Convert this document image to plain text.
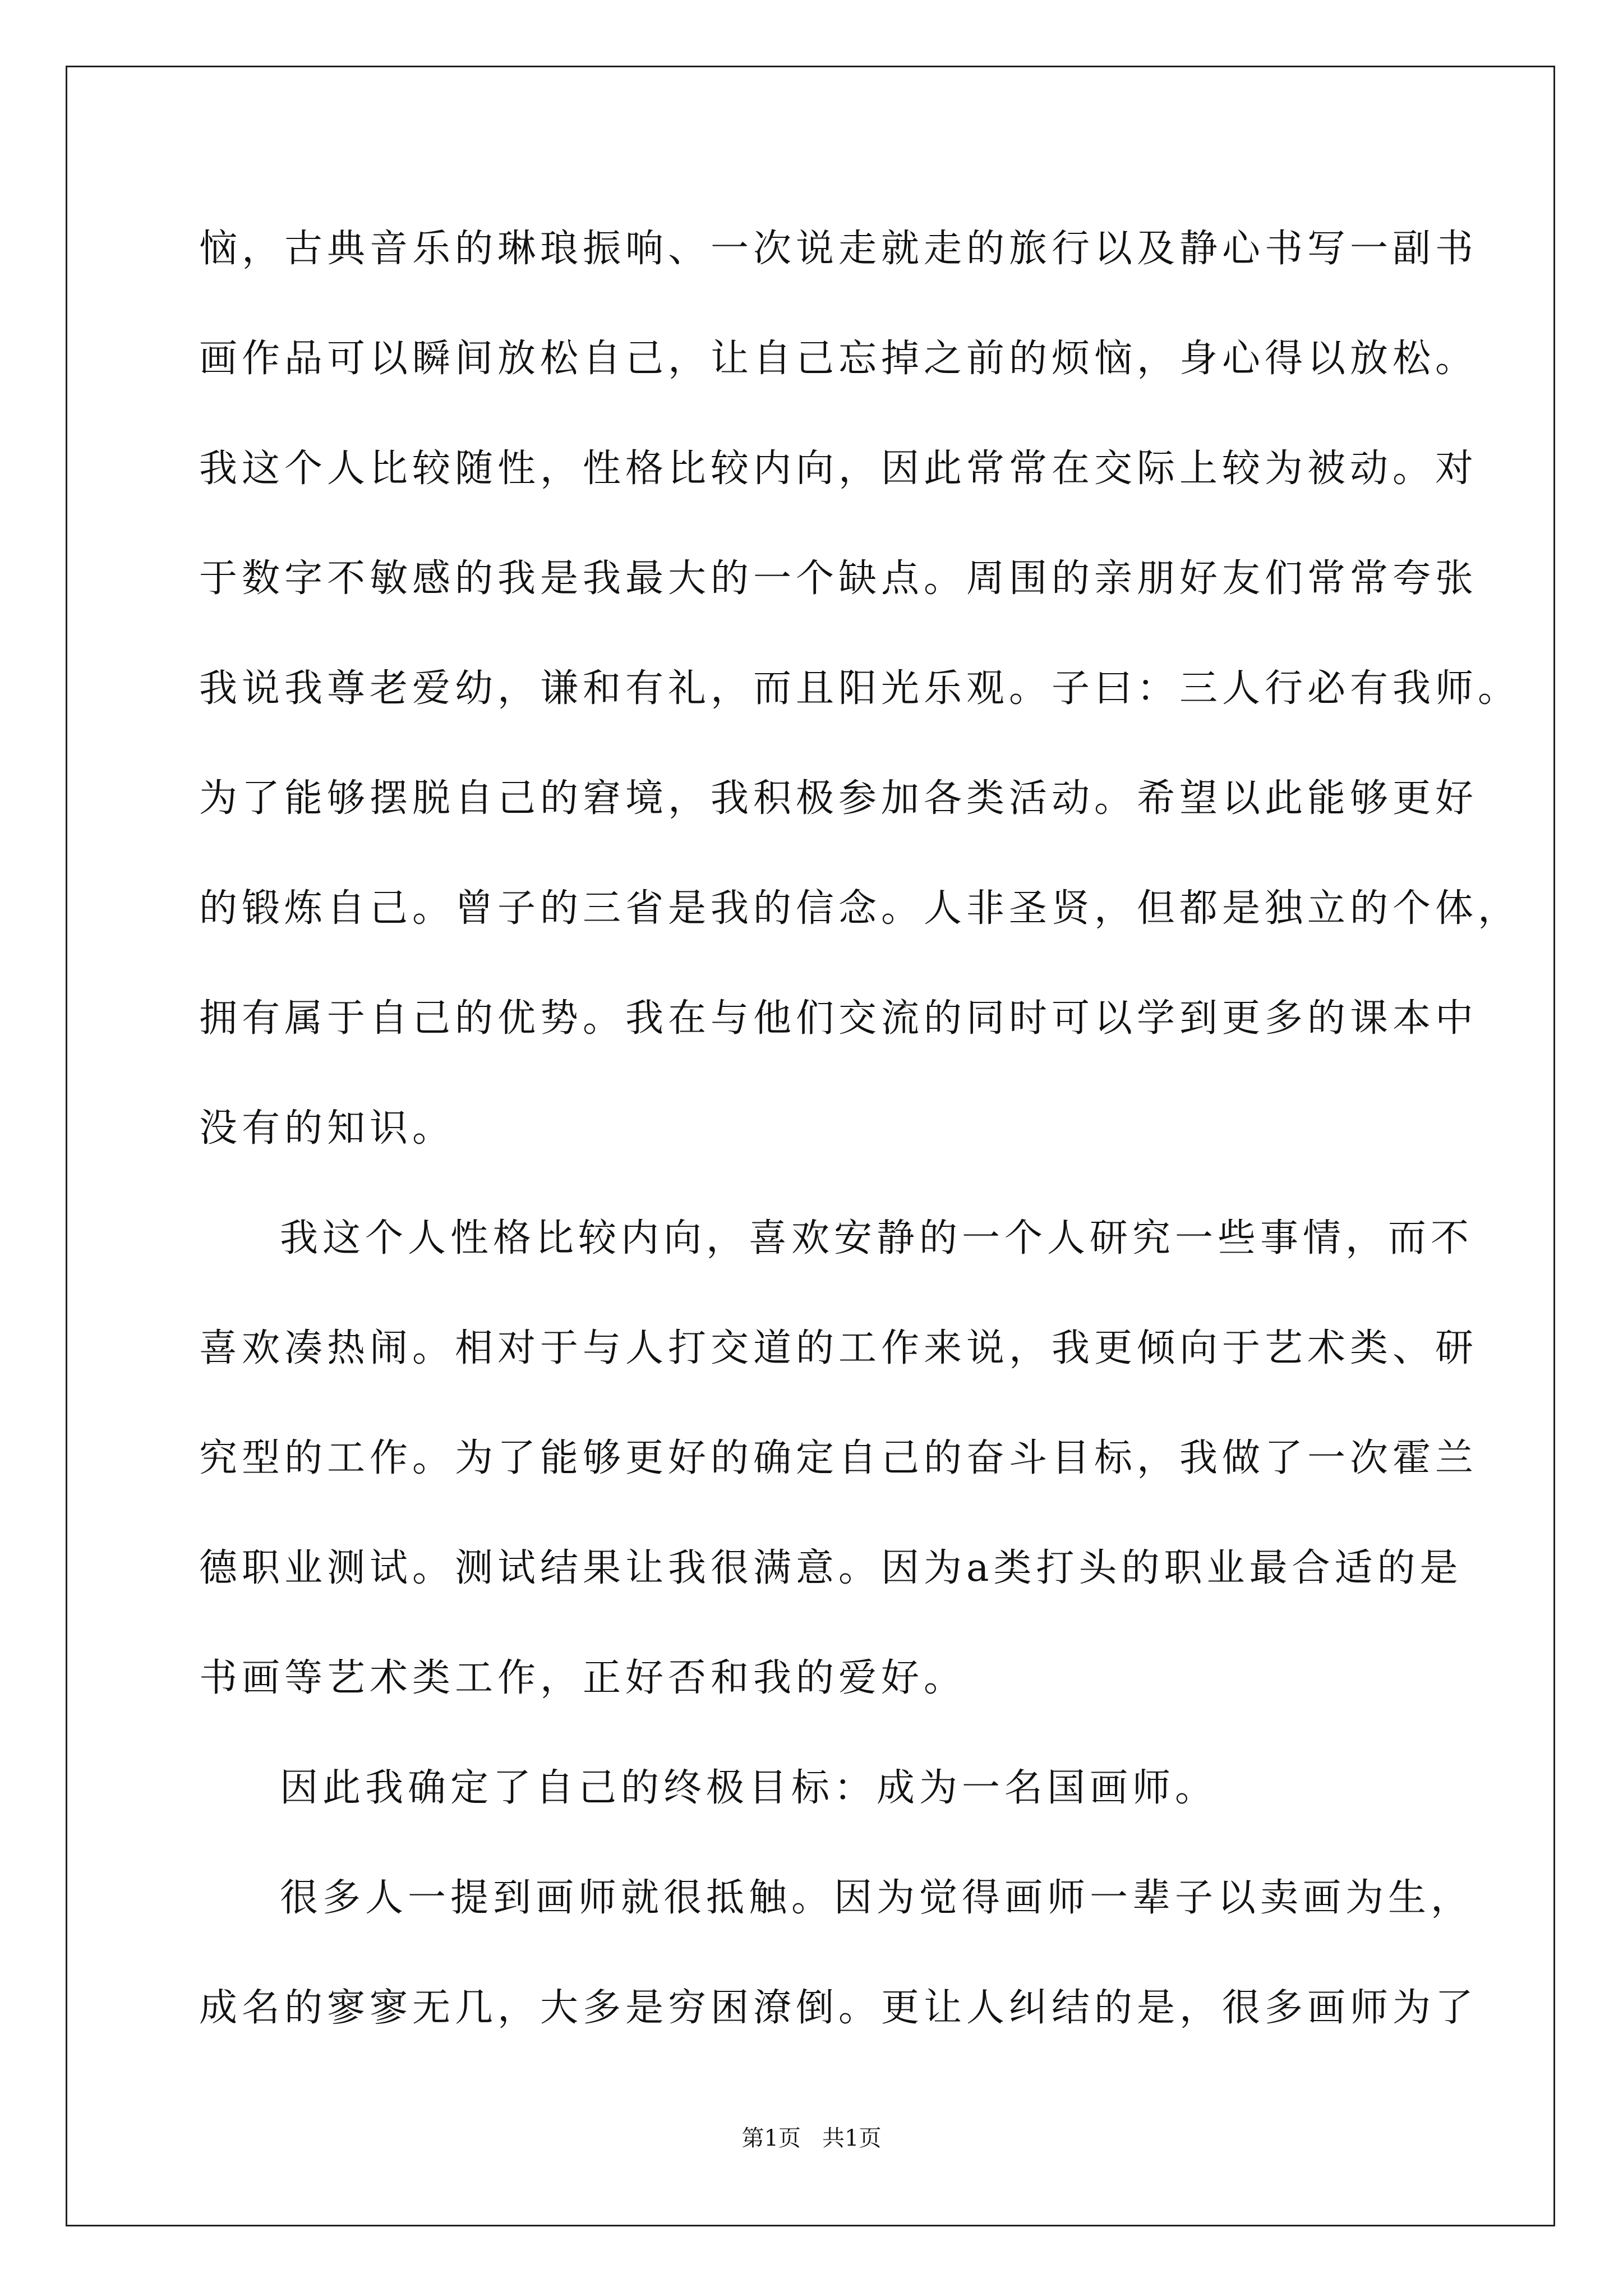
恼，古典音乐的琳琅振响、一次说走就走的旅行以及静心书写一副书
画作品可以瞬间放松自己，让自己忘掉之前的烦恼，身心得以放松。
我这个人比较随性，性格比较内向，因此常常在交际上较为被动。对
于数字不敏感的我是我最大的一个缺点。周围的亲朋好友们常常夸张
我说我尊老爱幼，谦和有礼，而且阳光乐观。子曰：三人行必有我师。
为了能够摆脱自己的窘境，我积极参加各类活动。希望以此能够更好
的锻炼自己。曾子的三省是我的信念。人非圣贤，但都是独立的个体，
拥有属于自己的优势。我在与他们交流的同时可以学到更多的课本中
没有的知识。
我这个人性格比较内向，喜欢安静的一个人研究一些事情，而不
喜欢凑热闹。相对于与人打交道的工作来说，我更倾向于艺术类、研
究型的工作。为了能够更好的确定自己的奋斗目标，我做了一次霍兰
德职业测试。测试结果让我很满意。因为a类打头的职业最合适的是
书画等艺术类工作，正好否和我的爱好。
因此我确定了自己的终极目标：成为一名国画师。
很多人一提到画师就很抵触。因为觉得画师一辈子以卖画为生，
成名的寥寥无几，大多是穷困潦倒。更让人纠结的是，很多画师为了
第1页   共1页
